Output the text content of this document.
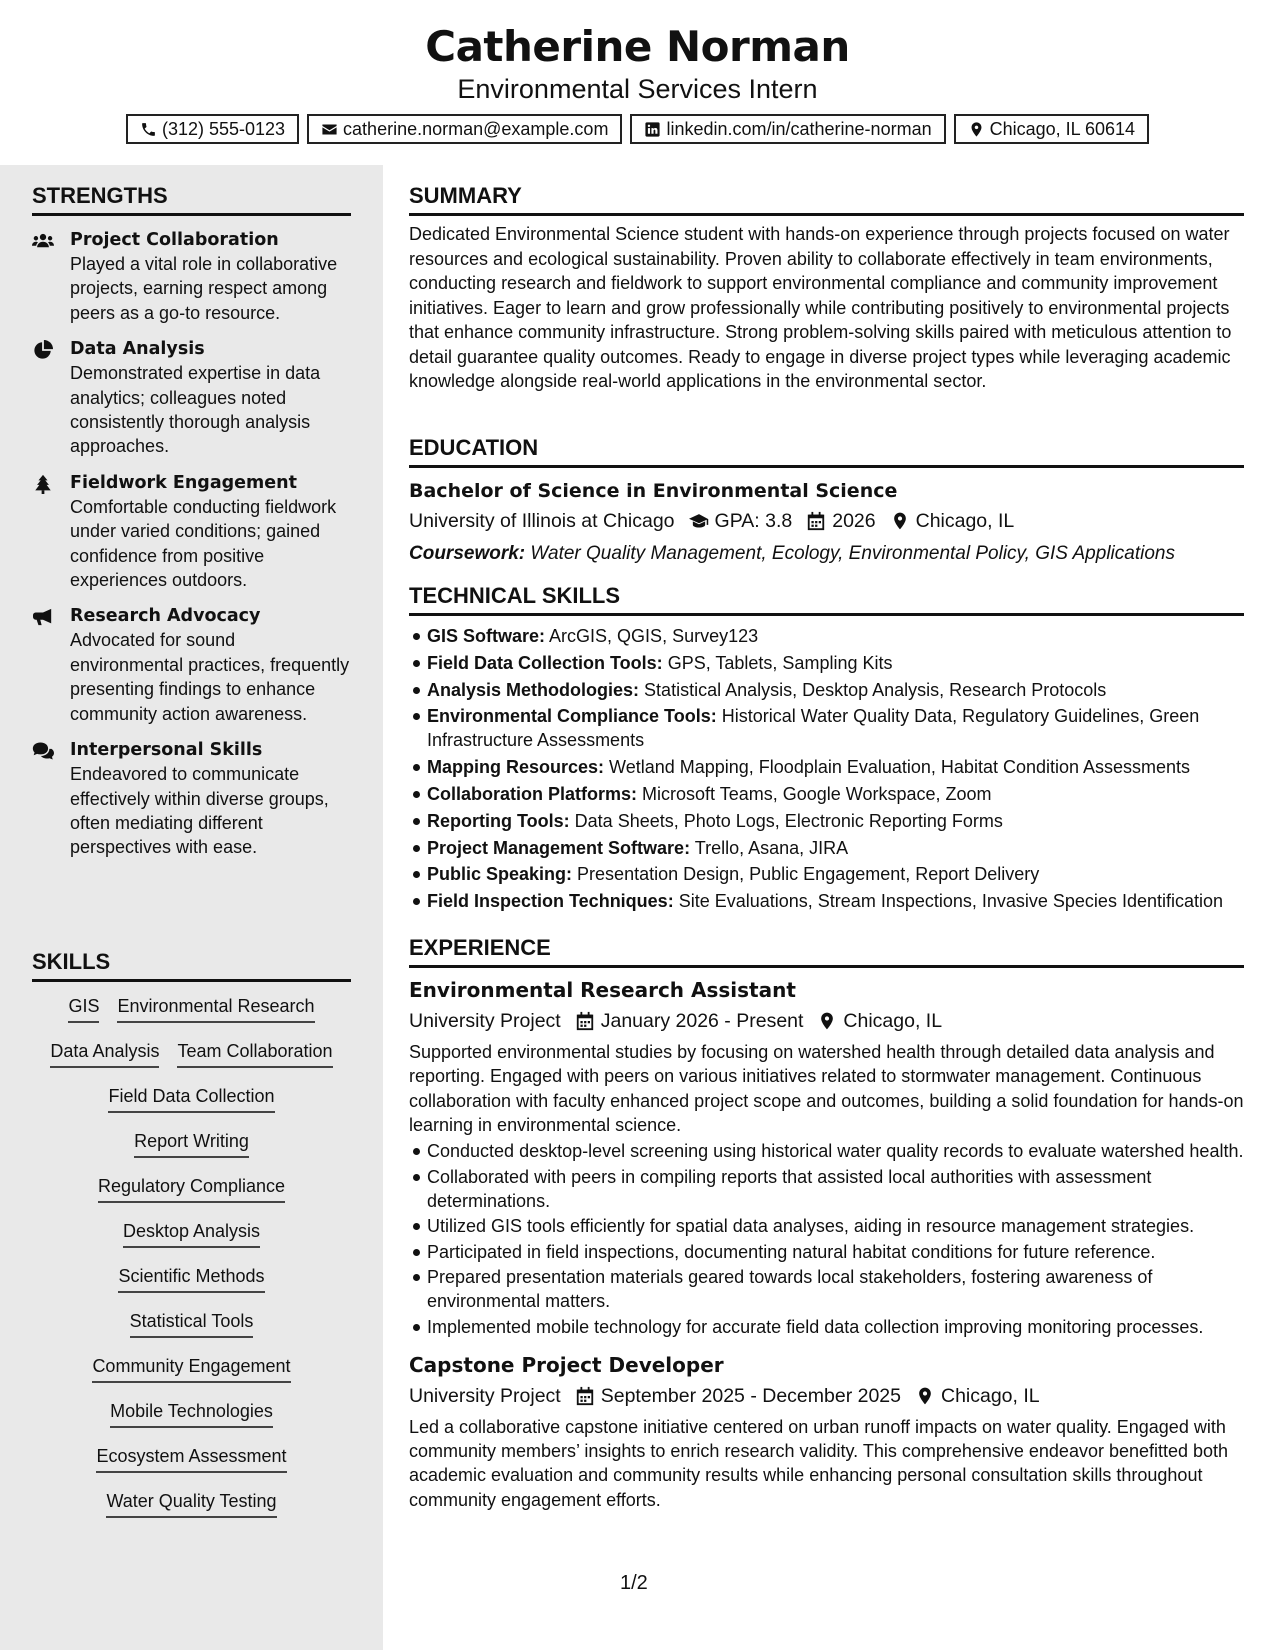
Catherine Norman
Environmental Services Intern
(312) 555-0123	catherine.norman@example.com	linkedin.com/in/catherine-norman	Chicago, IL 60614
STRENGTHS
Project Collaboration
Played a vital role in collaborative projects, earning respect among peers as a go-to resource.
Data Analysis
Demonstrated expertise in data analytics; colleagues noted consistently thorough analysis approaches.
Fieldwork Engagement
Comfortable conducting fieldwork under varied conditions; gained confidence from positive experiences outdoors.
Research Advocacy
Advocated for sound environmental practices, frequently presenting findings to enhance community action awareness.
Interpersonal Skills
Endeavored to communicate effectively within diverse groups, often mediating different perspectives with ease.
SKILLS
GIS Environmental Research
Data Analysis Team Collaboration
Field Data Collection
Report Writing
Regulatory Compliance
Desktop Analysis
Scientific Methods
Statistical Tools
Community Engagement
Mobile Technologies
Ecosystem Assessment
Water Quality Testing
SUMMARY
Dedicated Environmental Science student with hands-on experience through projects focused on water resources and ecological sustainability. Proven ability to collaborate effectively in team environments, conducting research and fieldwork to support environmental compliance and community improvement initiatives. Eager to learn and grow professionally while contributing positively to environmental projects that enhance community infrastructure. Strong problem-solving skills paired with meticulous attention to detail guarantee quality outcomes. Ready to engage in diverse project types while leveraging academic knowledge alongside real-world applications in the environmental sector.
EDUCATION
Bachelor of Science in Environmental Science
University of Illinois at Chicago GPA: 3.8 2026 Chicago, IL
Coursework: Water Quality Management, Ecology, Environmental Policy, GIS Applications
TECHNICAL SKILLS
GIS Software: ArcGIS, QGIS, Survey123
Field Data Collection Tools: GPS, Tablets, Sampling Kits
Analysis Methodologies: Statistical Analysis, Desktop Analysis, Research Protocols
Environmental Compliance Tools: Historical Water Quality Data, Regulatory Guidelines, Green Infrastructure Assessments
Mapping Resources: Wetland Mapping, Floodplain Evaluation, Habitat Condition Assessments
Collaboration Platforms: Microsoft Teams, Google Workspace, Zoom
Reporting Tools: Data Sheets, Photo Logs, Electronic Reporting Forms
Project Management Software: Trello, Asana, JIRA
Public Speaking: Presentation Design, Public Engagement, Report Delivery
Field Inspection Techniques: Site Evaluations, Stream Inspections, Invasive Species Identification
EXPERIENCE
Environmental Research Assistant
University Project January 2026 - Present Chicago, IL
Supported environmental studies by focusing on watershed health through detailed data analysis and reporting. Engaged with peers on various initiatives related to stormwater management. Continuous collaboration with faculty enhanced project scope and outcomes, building a solid foundation for hands-on learning in environmental science.
Conducted desktop-level screening using historical water quality records to evaluate watershed health.
Collaborated with peers in compiling reports that assisted local authorities with assessment determinations.
Utilized GIS tools efficiently for spatial data analyses, aiding in resource management strategies.
Participated in field inspections, documenting natural habitat conditions for future reference.
Prepared presentation materials geared towards local stakeholders, fostering awareness of environmental matters.
Implemented mobile technology for accurate field data collection improving monitoring processes.
Capstone Project Developer
University Project September 2025 - December 2025 Chicago, IL
Led a collaborative capstone initiative centered on urban runoff impacts on water quality. Engaged with community members’ insights to enrich research validity. This comprehensive endeavor benefitted both academic evaluation and community results while enhancing personal consultation skills throughout community engagement efforts.
1/2
